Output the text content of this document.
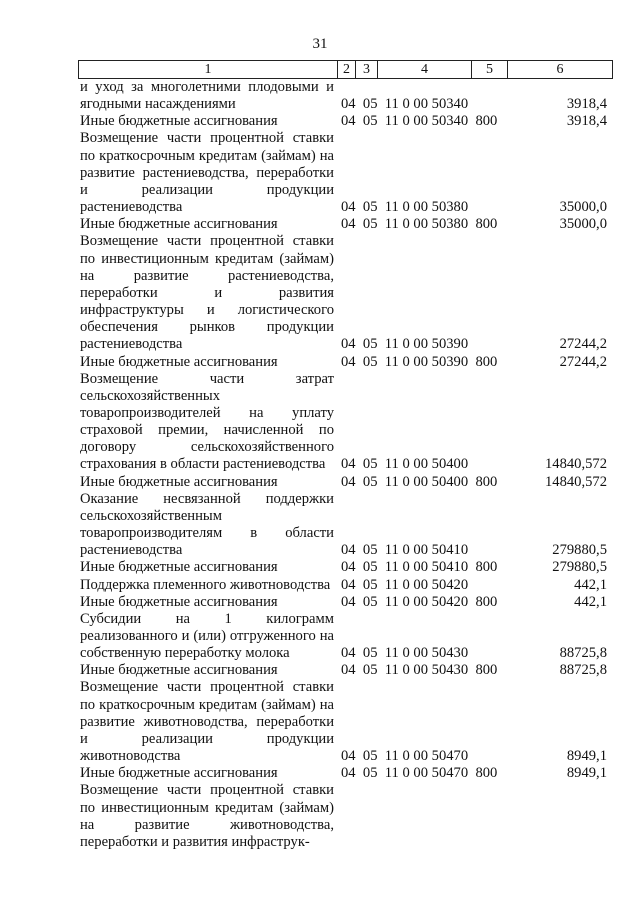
31
1	2	3	4	5	6
и уход за многолетними плодовыми и ягодными насаждениями	04  05  11 0 00 50340	3918,4
Иные бюджетные ассигнования	04  05  11 0 00 50340  800	3918,4
Возмещение части процентной ставки по краткосрочным кредитам (займам) на развитие растениеводства, переработки и реализации продукции растениеводства	04  05  11 0 00 50380	35000,0
Иные бюджетные ассигнования	04  05  11 0 00 50380  800	35000,0
Возмещение части процентной ставки по инвестиционным кредитам (займам) на развитие растениеводства, переработки и развития инфраструктуры и логистического обеспечения рынков продукции растениеводства	04  05  11 0 00 50390	27244,2
Иные бюджетные ассигнования	04  05  11 0 00 50390  800	27244,2
Возмещение части затрат сельскохозяйственных товаропроизводителей на уплату страховой премии, начисленной по договору сельскохозяйственного страхования в области растениеводства	04  05  11 0 00 50400	14840,572
Иные бюджетные ассигнования	04  05  11 0 00 50400  800	14840,572
Оказание несвязанной поддержки сельскохозяйственным товаропроизводителям в области растениеводства	04  05  11 0 00 50410	279880,5
Иные бюджетные ассигнования	04  05  11 0 00 50410  800	279880,5
Поддержка племенного животноводства 04  05  11 0 00 50420	442,1
Иные бюджетные ассигнования	04  05  11 0 00 50420  800	442,1
Субсидии на 1 килограмм реализованного и (или) отгруженного на собственную переработку молока	04  05  11 0 00 50430	88725,8
Иные бюджетные ассигнования	04  05  11 0 00 50430  800	88725,8
Возмещение части процентной ставки по краткосрочным кредитам (займам) на развитие животноводства, переработки и реализации продукции животноводства	04  05  11 0 00 50470	8949,1
Иные бюджетные ассигнования	04  05  11 0 00 50470  800	8949,1
Возмещение части процентной ставки по инвестиционным кредитам (займам) на развитие животноводства, переработки и развития инфраструк-
